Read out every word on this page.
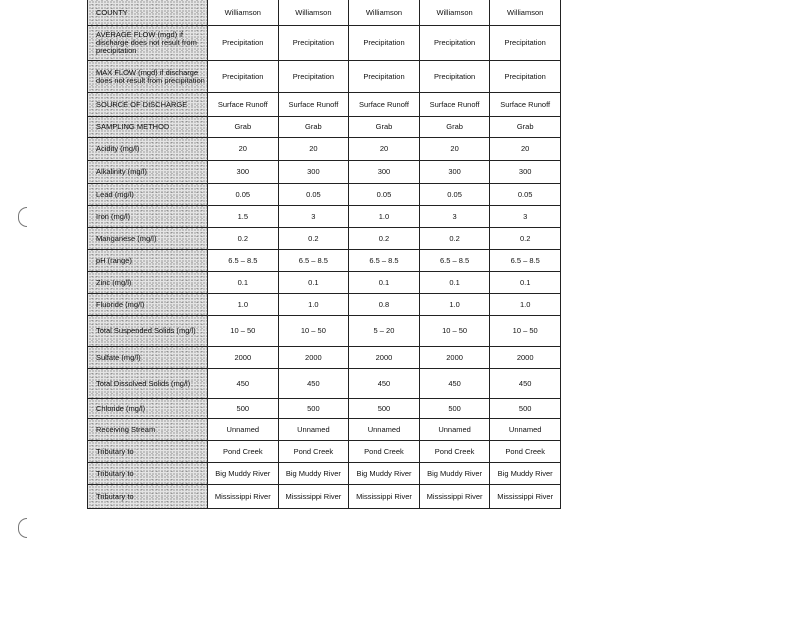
COUNTY	Williamson	Williamson	Williamson	Williamson	Williamson
AVERAGE FLOW (mgd) if discharge does not result from precipitation	Precipitation	Precipitation	Precipitation	Precipitation	Precipitation
MAX FLOW (mgd) if discharge does not result from precipitation	Precipitation	Precipitation	Precipitation	Precipitation	Precipitation
SOURCE OF DISCHARGE	Surface Runoff	Surface Runoff	Surface Runoff	Surface Runoff	Surface Runoff
SAMPLING METHOD	Grab	Grab	Grab	Grab	Grab
Acidity (mg/l)	20	20	20	20	20
Alkalinity (mg/l)	300	300	300	300	300
Lead (mg/l)	0.05	0.05	0.05	0.05	0.05
Iron (mg/l)	1.5	3	1.0	3	3
Manganese (mg/l)	0.2	0.2	0.2	0.2	0.2
pH (range)	6.5 – 8.5	6.5 – 8.5	6.5 – 8.5	6.5 – 8.5	6.5 – 8.5
Zinc (mg/l)	0.1	0.1	0.1	0.1	0.1
Fluoride (mg/l)	1.0	1.0	0.8	1.0	1.0
Total Suspended Solids (mg/l)	10 – 50	10 – 50	5 – 20	10 – 50	10 – 50
Sulfate (mg/l)	2000	2000	2000	2000	2000
Total Dissolved Solids (mg/l)	450	450	450	450	450
Chloride (mg/l)	500	500	500	500	500
Receiving Stream	Unnamed	Unnamed	Unnamed	Unnamed	Unnamed
Tributary to	Pond Creek	Pond Creek	Pond Creek	Pond Creek	Pond Creek
Tributary to	Big Muddy River	Big Muddy River	Big Muddy River	Big Muddy River	Big Muddy River
Tributary to	Mississippi River	Mississippi River	Mississippi River	Mississippi River	Mississippi River
